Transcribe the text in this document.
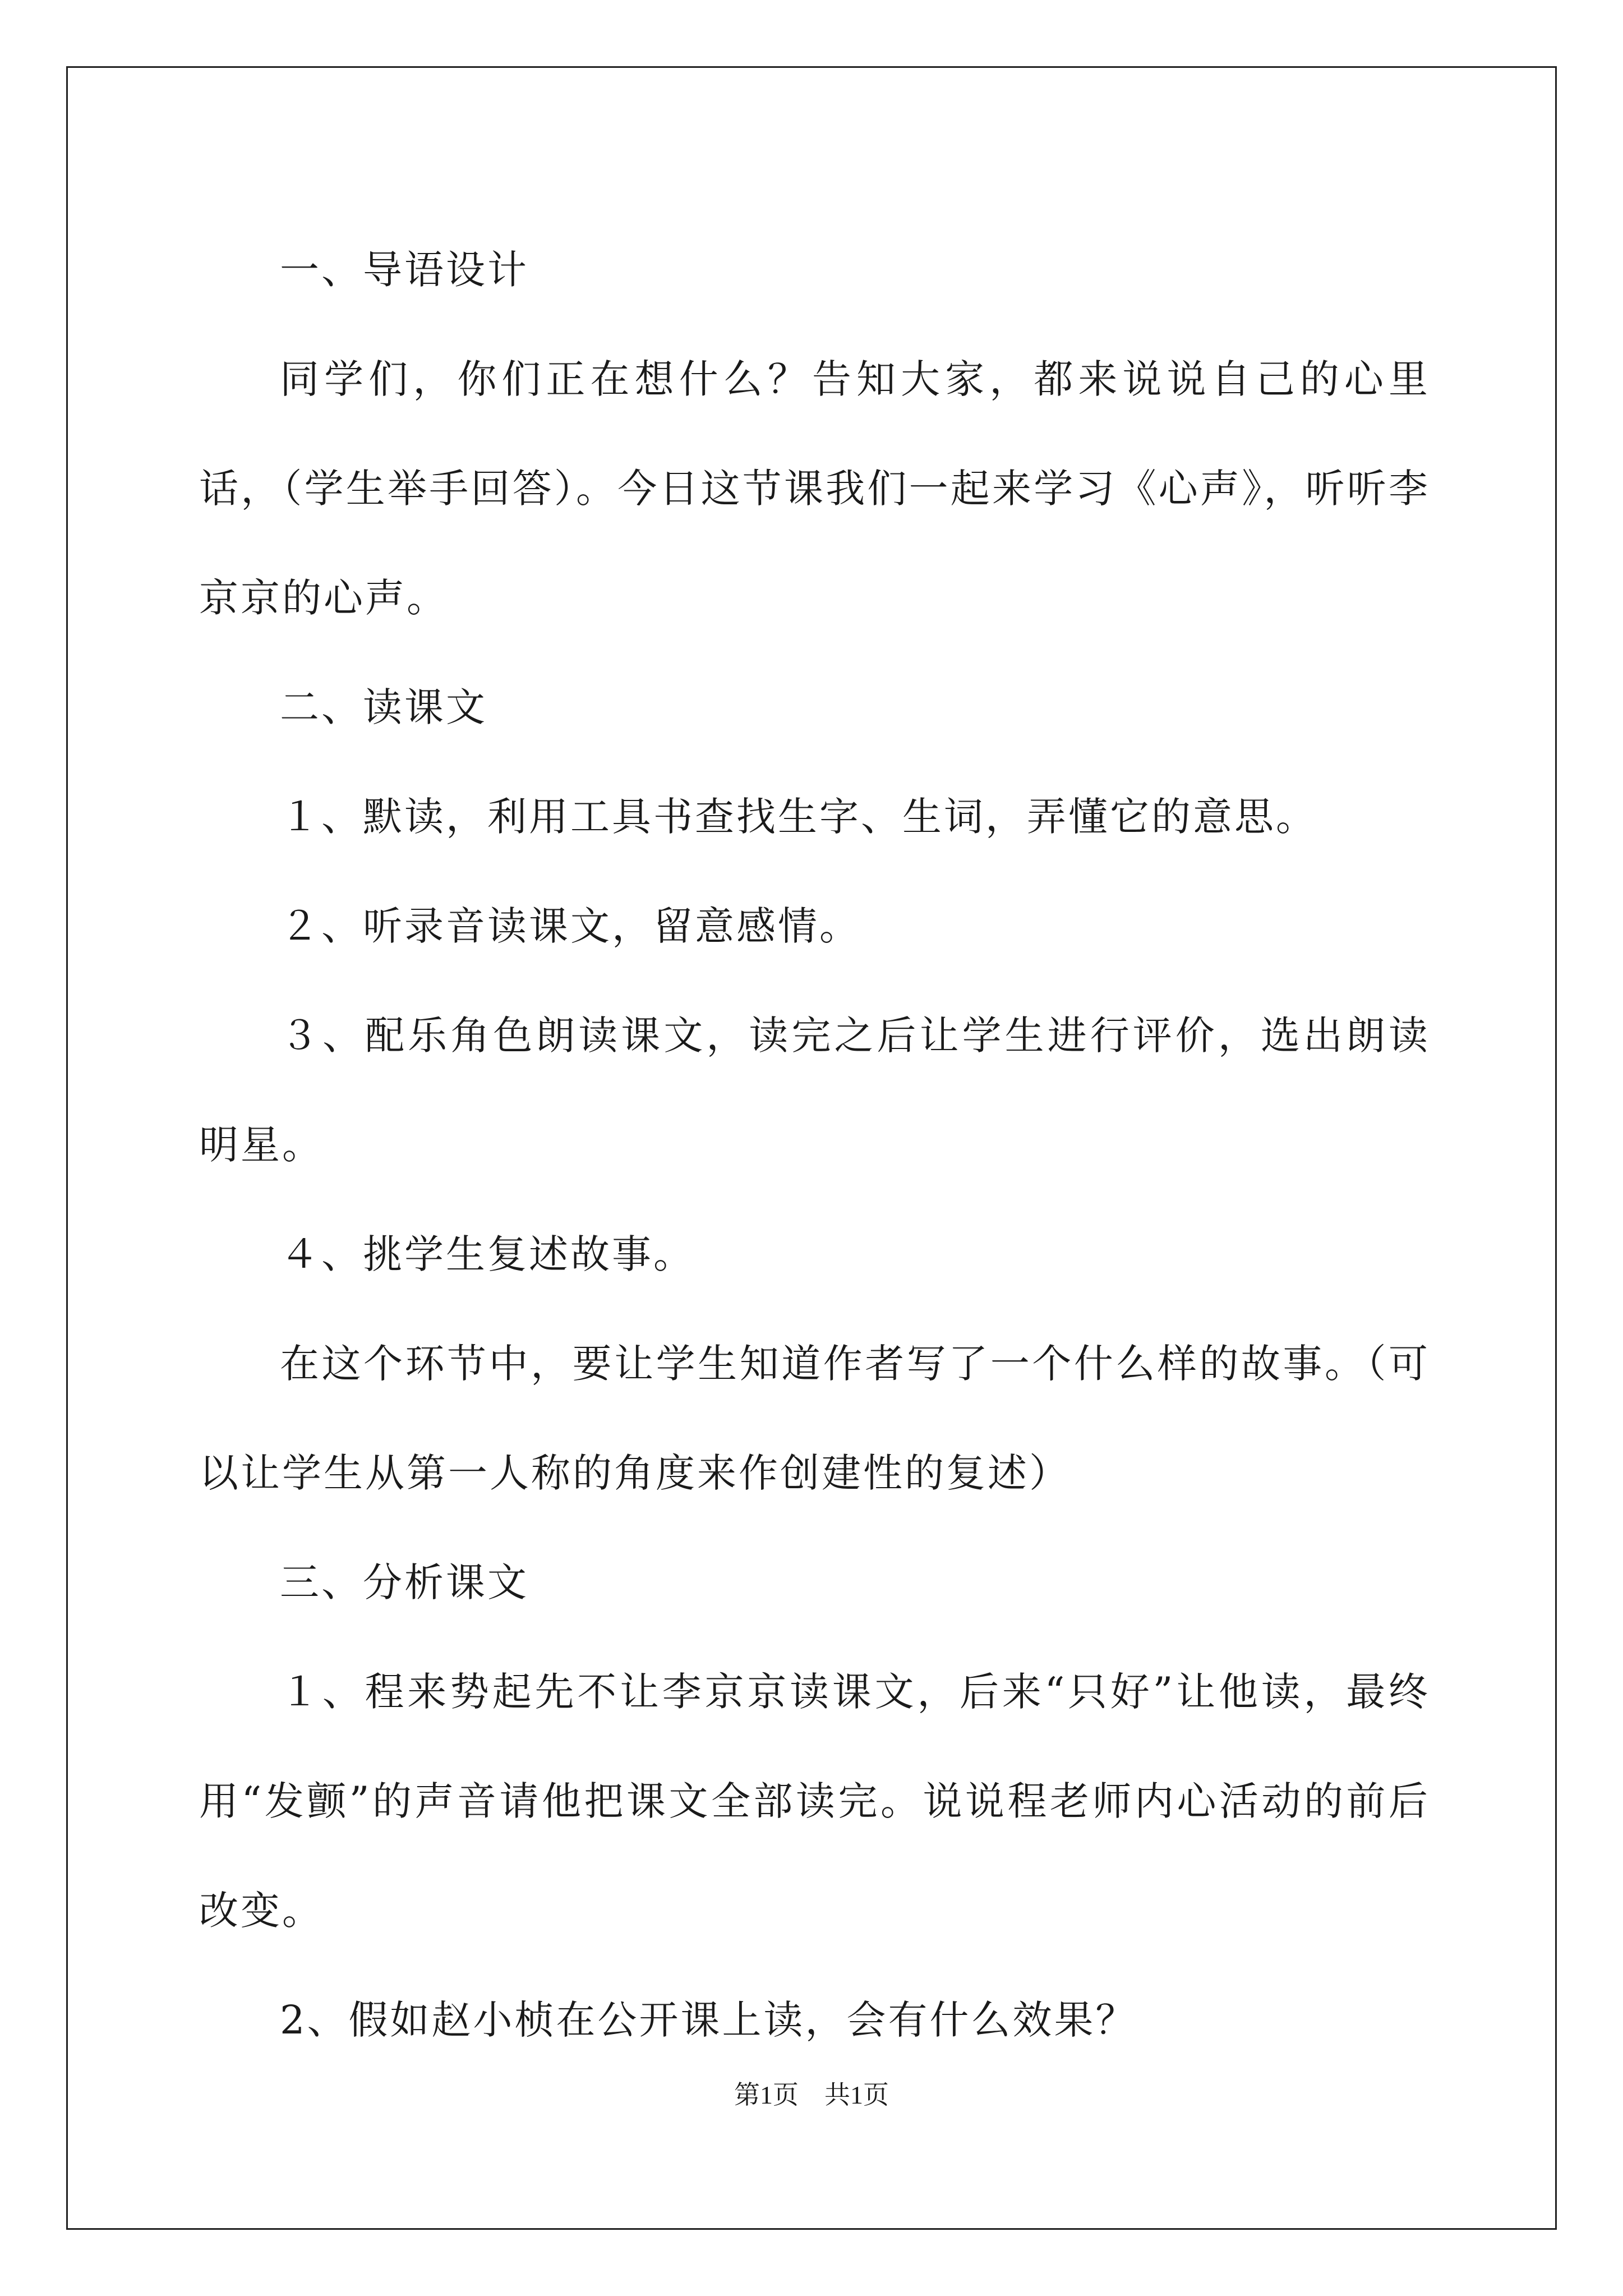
一、导语设计

同学们，你们正在想什么？告知大家，都来说说自己的心里话，（学生举手回答）。今日这节课我们一起来学习《心声》，听听李京京的心声。

二、读课文

１、默读，利用工具书查找生字、生词，弄懂它的意思。

２、听录音读课文，留意感情。

３、配乐角色朗读课文，读完之后让学生进行评价，选出朗读明星。

４、挑学生复述故事。

在这个环节中，要让学生知道作者写了一个什么样的故事。（可以让学生从第一人称的角度来作创建性的复述）

三、分析课文

１、程来势起先不让李京京读课文，后来“只好”让他读，最终用“发颤”的声音请他把课文全部读完。说说程老师内心活动的前后改变。

2、假如赵小桢在公开课上读，会有什么效果？

第1页 共1页
